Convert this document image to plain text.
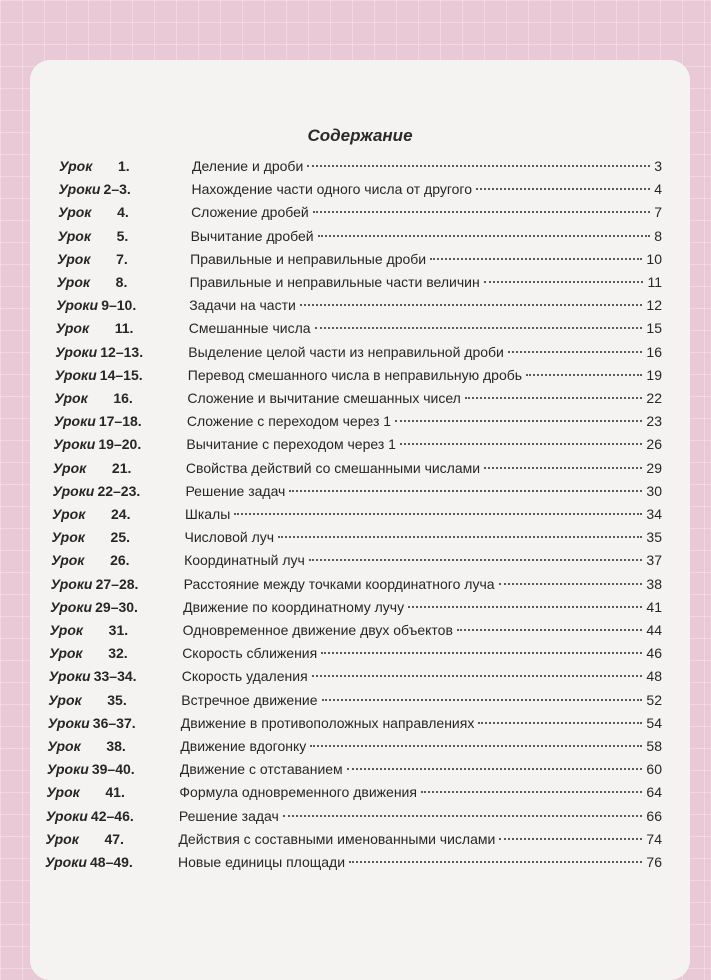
Содержание
Урок 1.	Деление и дроби	3
Уроки 2–3.	Нахождение части одного числа от другого	4
Урок 4.	Сложение дробей	7
Урок 5.	Вычитание дробей	8
Урок 7.	Правильные и неправильные дроби	10
Урок 8.	Правильные и неправильные части величин	11
Уроки 9–10.	Задачи на части	12
Урок 11.	Смешанные числа	15
Уроки 12–13.	Выделение целой части из неправильной дроби	16
Уроки 14–15.	Перевод смешанного числа в неправильную дробь	19
Урок 16.	Сложение и вычитание смешанных чисел	22
Уроки 17–18.	Сложение с переходом через 1	23
Уроки 19–20.	Вычитание с переходом через 1	26
Урок 21.	Свойства действий со смешанными числами	29
Уроки 22–23.	Решение задач	30
Урок 24.	Шкалы	34
Урок 25.	Числовой луч	35
Урок 26.	Координатный луч	37
Уроки 27–28.	Расстояние между точками координатного луча	38
Уроки 29–30.	Движение по координатному лучу	41
Урок 31.	Одновременное движение двух объектов	44
Урок 32.	Скорость сближения	46
Уроки 33–34.	Скорость удаления	48
Урок 35.	Встречное движение	52
Уроки 36–37.	Движение в противоположных направлениях	54
Урок 38.	Движение вдогонку	58
Уроки 39–40.	Движение с отставанием	60
Урок 41.	Формула одновременного движения	64
Уроки 42–46.	Решение задач	66
Урок 47.	Действия с составными именованными числами	74
Уроки 48–49.	Новые единицы площади	76
